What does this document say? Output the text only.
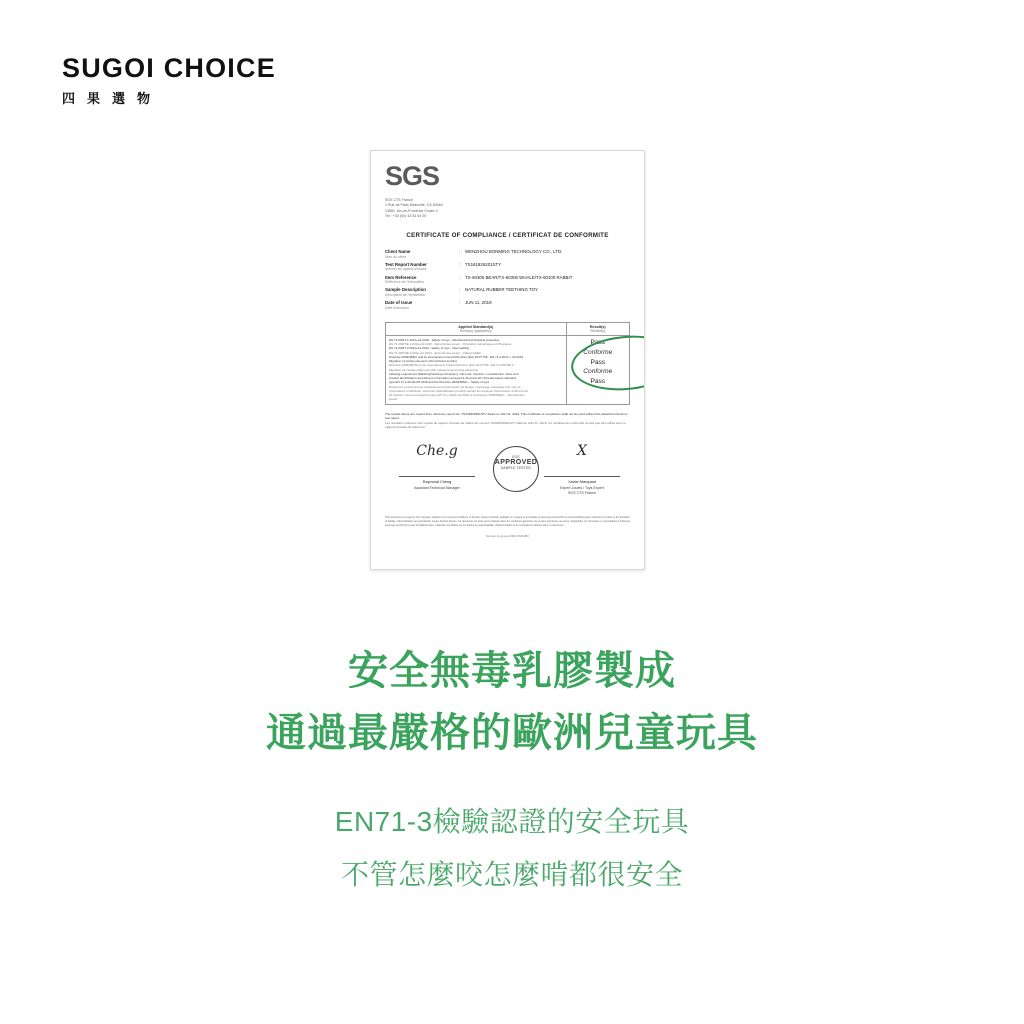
SUGOI CHOICE
四果選物
SGS
SGS CTS France
1 Rue de Paris Deauville, CS 60464
13851, Aix-en-Provence Cedex 3
Tel : +33 (0)4 42 61 64 00
CERTIFICATE OF COMPLIANCE / CERTIFICAT DE CONFORMITE
Client Name
Nom du client	:	WENZHOU BONMING TECHNOLOGY CO., LTD.
Test Report Number
Numéro du rapport d'essais	:	TS161826201STY
Item Reference
Référence de l'échantillon	:	TX-60305 BEAR/TX-60306 WHALE/TX-60100 RABBIT
Sample Description
Description de l'échantillon	:	NATURAL RUBBER TEETHING TOY
Date of Issue
Date d'émission	:	JUN 11, 2019
Applied Standard(s)
Norme(s) Appliquée(s)	Result(s)
Résultat(s)

EN 71-PART 1:2014+A1:2018 - Safety of toys - Mechanical and physical properties
EN 71-PARTIE 1:2014+A1:2018 - Sécurité des jouets - Propriétés mécaniques et Physiques
EN 71-PART 2:2011+A1:2014 - Safety of toys - Flammability
EN 71-PARTIE 2:2011+A1:2014 - Sécurité des jouets - Inflammabilité
Directive 2009/48/EC and its amendment Council Directive (EU) 2017/738 - EN 71-3:2013 + A3:2018
Migration of certain elements (All restricted toxicity)
Directive 2009/48/CE et son amendement Conseil Directive (EU) 2017/738 - EN 71-PARTIE 3
Migration de certains éléments (Par catégorie de tout les éléments)
Labeling requirement (Marking/Cleaning instruction), CE mark, Importer / manufacturer name and
product identification according to Information annexed II.26 and A.2d of the European standard
type EN 71-1:20 WeAR 2018 and the Directive 2009/48/EC – Safety of toys
Exigences concernant les avertissements (Instruction de lavage / nettoyage, marquage CE, nom et
l'importateur et fabricant, éléments d'identification produit) suivant les annexes d'information II.26 et A.2d
de l'article / norme européenne type EN 71-1:2014+A1:2018 et la directive 2009/48/EC – Sécurité des
jouets

Pass
Conforme
Pass
Conforme
Pass
The results above are copied from reference report No. TS161826201STY dated on JUN 11, 2019. This certificate of compliance shall not be used without the attached reference test report.
Les résultats ci-dessus sont copiés du rapport d'essais de référence numéro TS161826201STY daté du JUN 11, 2019. Ce certificat de conformité ne doit pas être utilisé sans le rapport d'essais de référence.
Che.g
Raymond Cheng
Assistant Technical Manager
SGS
APPROVED
SAMPLE TESTED
X
Xavier Marquant
Expert Jouets / Toys Expert
SGS CTS France
This document is issued by the Company subject to its General Conditions of Service printed overleaf, available on request or accessible at www.sgs.com/en/Terms-and-Conditions.aspx. Attention is drawn to the limitation of liability, indemnification and jurisdiction issues defined therein. Ce document est émis par la Société dans les conditions générales de service imprimées au verso, disponibles sur demande ou consultables à l'adresse www.sgs.com/fr/Terms-and-Conditions.aspx. L'attention est attirée sur les limites de responsabilité, d'indemnisation et de compétence définies dans ce document.
Numéro du groupe 0381 (R2018F)
安全無毒乳膠製成
通過最嚴格的歐洲兒童玩具
EN71-3檢驗認證的安全玩具
不管怎麼咬怎麼啃都很安全
